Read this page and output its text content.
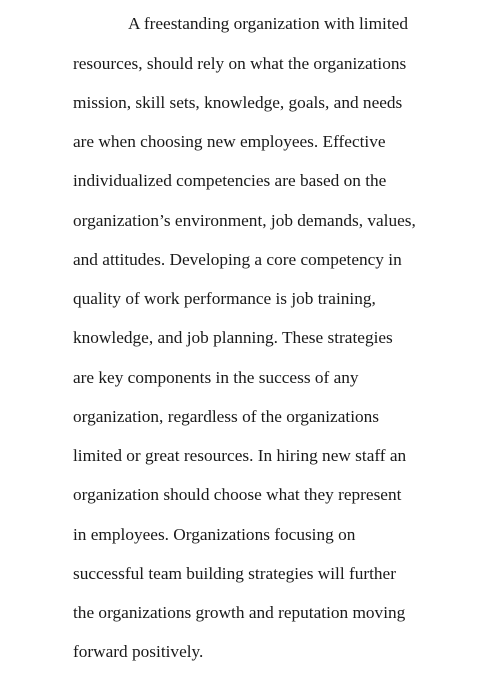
A freestanding organization with limited
resources, should rely on what the organizations
mission, skill sets, knowledge, goals, and needs
are when choosing new employees. Effective
individualized competencies are based on the
organization’s environment, job demands, values,
and attitudes. Developing a core competency in
quality of work performance is job training,
knowledge, and job planning. These strategies
are key components in the success of any
organization, regardless of the organizations
limited or great resources. In hiring new staff an
organization should choose what they represent
in employees. Organizations focusing on
successful team building strategies will further
the organizations growth and reputation moving
forward positively.
